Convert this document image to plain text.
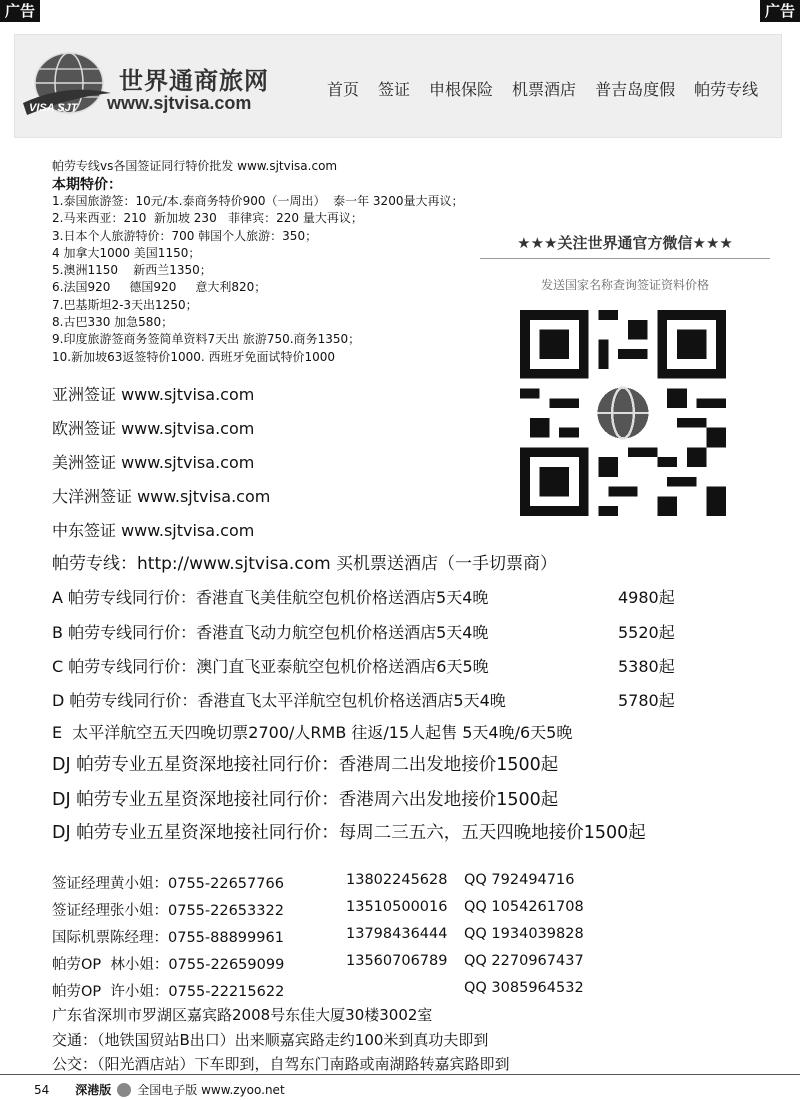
广告	广告
VISA SJT
世界通商旅网
www.sjtvisa.com
首页 签证 申根保险 机票酒店 普吉岛度假 帕劳专线
帕劳专线vs各国签证同行特价批发 www.sjtvisa.com
本期特价：
1.泰国旅游签：10元/本.泰商务特价900（一周出）  泰一年 3200量大再议；
2.马来西亚：210  新加坡 230   菲律宾：220 量大再议；
3.日本个人旅游特价：700 韩国个人旅游：350；
4 加拿大1000 美国1150；
5.澳洲1150    新西兰1350；
6.法国920     德国920     意大利820；
7.巴基斯坦2-3天出1250；
8.古巴330 加急580；
9.印度旅游签商务签简单资料7天出 旅游750.商务1350；
10.新加坡63返签特价1000. 西班牙免面试特价1000
★★★关注世界通官方微信★★★
发送国家名称查询签证资料价格
亚洲签证 www.sjtvisa.com
欧洲签证 www.sjtvisa.com
美洲签证 www.sjtvisa.com
大洋洲签证 www.sjtvisa.com
中东签证 www.sjtvisa.com
帕劳专线：http://www.sjtvisa.com 买机票送酒店（一手切票商）
A 帕劳专线同行价：香港直飞美佳航空包机价格送酒店5天4晚	4980起
B 帕劳专线同行价：香港直飞动力航空包机价格送酒店5天4晚	5520起
C 帕劳专线同行价：澳门直飞亚泰航空包机价格送酒店6天5晚	5380起
D 帕劳专线同行价：香港直飞太平洋航空包机价格送酒店5天4晚	5780起
E  太平洋航空五天四晚切票2700/人RMB 往返/15人起售 5天4晚/6天5晚
DJ 帕劳专业五星资深地接社同行价：香港周二出发地接价1500起
DJ 帕劳专业五星资深地接社同行价：香港周六出发地接价1500起
DJ 帕劳专业五星资深地接社同行价：每周二三五六，五天四晚地接价1500起
签证经理黄小姐：0755-22657766	13802245628 QQ 792494716
签证经理张小姐：0755-22653322	13510500016 QQ 1054261708
国际机票陈经理：0755-88899961	13798436444 QQ 1934039828
帕劳OP  林小姐：0755-22659099	13560706789 QQ 2270967437
帕劳OP  许小姐：0755-22215622	QQ 3085964532
广东省深圳市罗湖区嘉宾路2008号东佳大厦30楼3002室
交通：（地铁国贸站B出口）出来顺嘉宾路走约100米到真功夫即到
公交：（阳光酒店站）下车即到，自驾东门南路或南湖路转嘉宾路即到
54 深港版 全国电子版 www.zyoo.net
